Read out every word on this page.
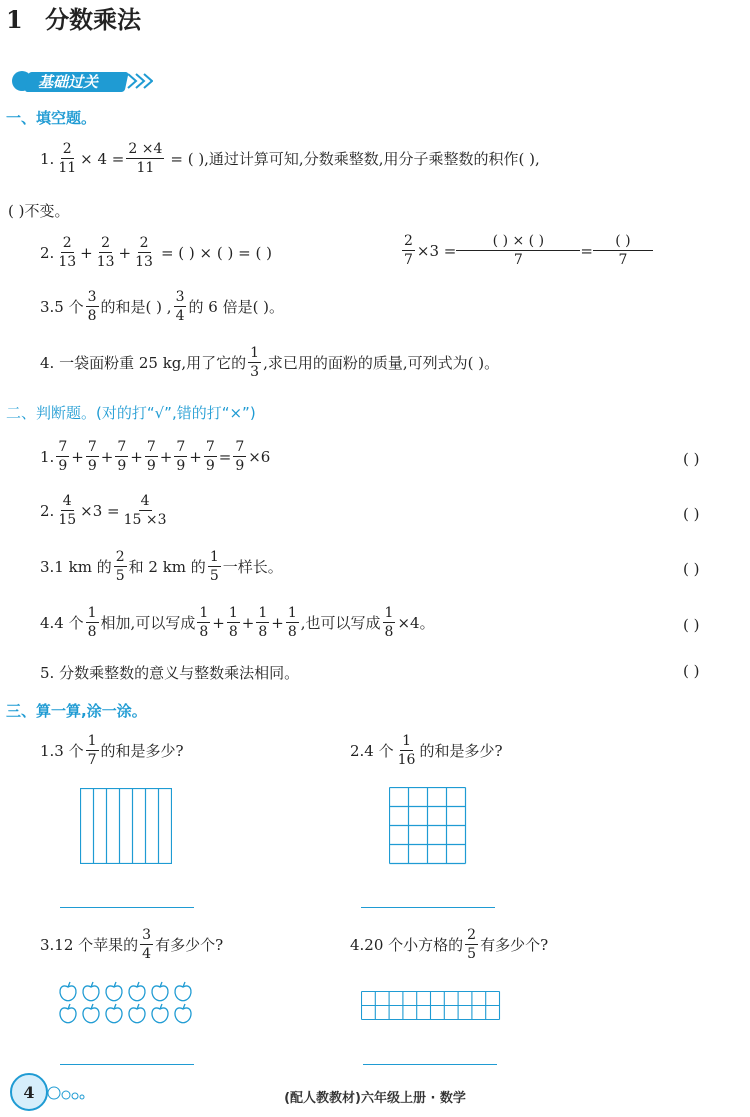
1 分数乘法
基础过关
一、填空题。
1. $\frac{2}{11} \times 4 = \frac{2 \times 4}{11}$ = ( ),通过计算可知,分数乘整数,用分子乘整数的积作( ),
( )不变。
2. $\frac{2}{13} + \frac{2}{13} + \frac{2}{13}$ = ( ) × ( ) = ( )	$\frac{2}{7} \times 3 = \frac{( ) \times ( )}{7} = \frac{( )}{7}$
3.5 个 $\frac{3}{8}$ 的和是( ) , $\frac{3}{4}$ 的 6 倍是( )。
4. 一袋面粉重 25 kg,用了它的 $\frac{1}{3}$ ,求已用的面粉的质量,可列式为( )。
二、判断题。(对的打“√”,错的打“×”)
1. $\frac{7}{9} + \frac{7}{9} + \frac{7}{9} + \frac{7}{9} + \frac{7}{9} + \frac{7}{9} = \frac{7}{9} \times 6$	( )
2. $\frac{4}{15} \times 3 = \frac{4}{15 \times 3}$	( )
3.1 km 的 $\frac{2}{5}$ 和 2 km 的 $\frac{1}{5}$ 一样长。	( )
4.4 个 $\frac{1}{8}$ 相加,可以写成 $\frac{1}{8} + \frac{1}{8} + \frac{1}{8} + \frac{1}{8}$ ,也可以写成 $\frac{1}{8} \times 4$。	( )
5. 分数乘整数的意义与整数乘法相同。	( )
三、算一算,涂一涂。
1.3 个 $\frac{1}{7}$ 的和是多少?	2.4 个 $\frac{1}{16}$ 的和是多少?
3.12 个苹果的 $\frac{3}{4}$ 有多少个?	4.20 个小方格的 $\frac{2}{5}$ 有多少个?
4	(配人教教材)六年级上册 · 数学
